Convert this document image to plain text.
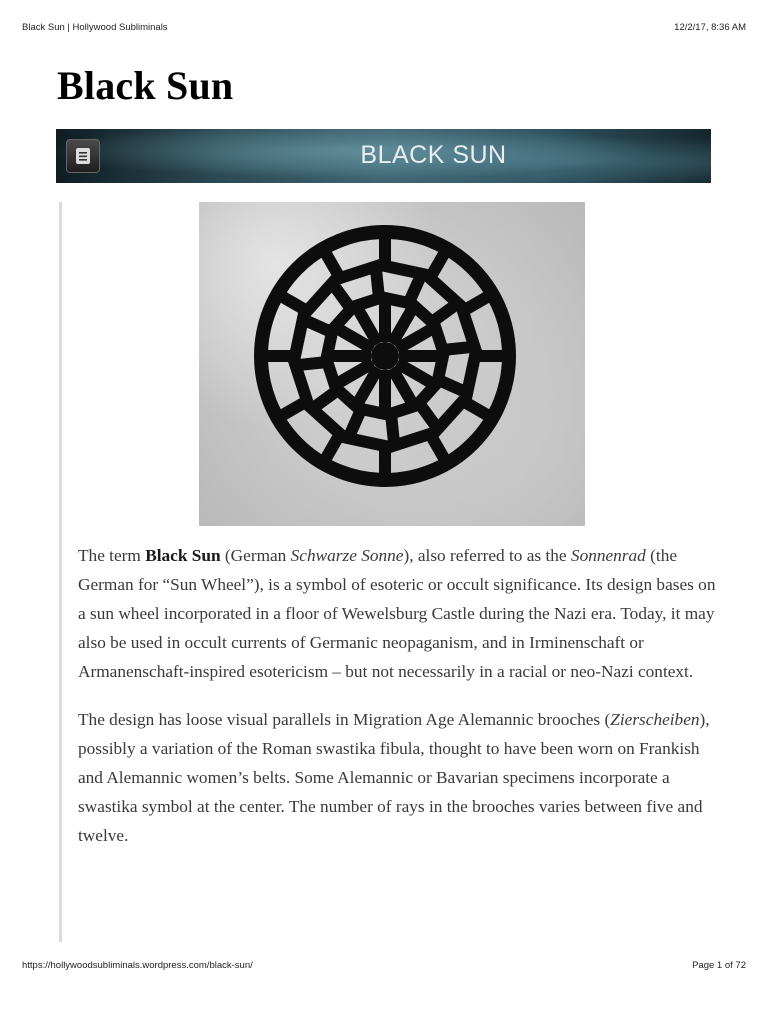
Black Sun | Hollywood Subliminals	12/2/17, 8:36 AM
Black Sun
BLACK SUN

The term Black Sun (German Schwarze Sonne), also referred to as the Sonnenrad (the German for “Sun Wheel”), is a symbol of esoteric or occult significance. Its design bases on a sun wheel incorporated in a floor of Wewelsburg Castle during the Nazi era. Today, it may also be used in occult currents of Germanic neopaganism, and in Irminenschaft or Armanenschaft-inspired esotericism – but not necessarily in a racial or neo-Nazi context.

The design has loose visual parallels in Migration Age Alemannic brooches (Zierscheiben), possibly a variation of the Roman swastika fibula, thought to have been worn on Frankish and Alemannic women’s belts. Some Alemannic or Bavarian specimens incorporate a swastika symbol at the center. The number of rays in the brooches varies between five and twelve.

https://hollywoodsubliminals.wordpress.com/black-sun/	Page 1 of 72
